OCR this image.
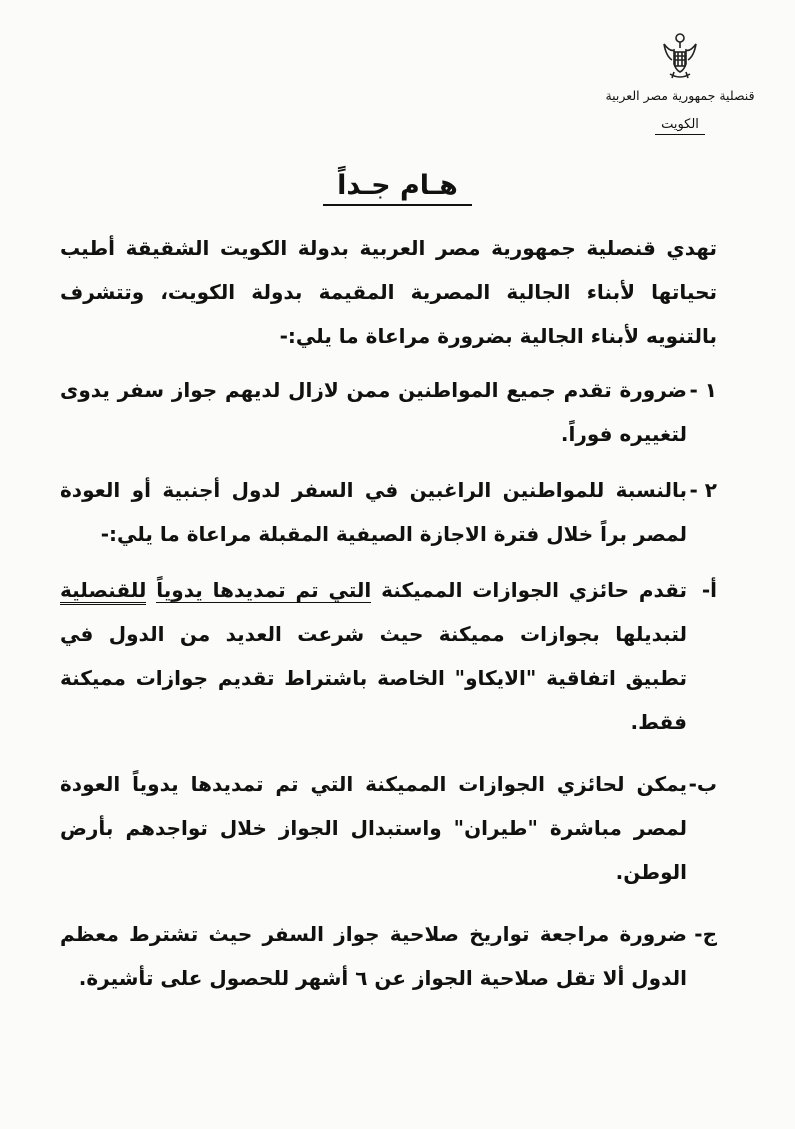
قنصلية جمهورية مصر العربية
الكويت
هـام جـداً

تهدي قنصلية جمهورية مصر العربية بدولة الكويت الشقيقة أطيب تحياتها لأبناء الجالية المصرية المقيمة بدولة الكويت، وتتشرف بالتنويه لأبناء الجالية بضرورة مراعاة ما يلي:-

١ -
ضرورة تقدم جميع المواطنين ممن لازال لديهم جواز سفر يدوى لتغييره فوراً.
٢ -
بالنسبة للمواطنين الراغبين في السفر لدول أجنبية أو العودة لمصر براً خلال فترة الاجازة الصيفية المقبلة مراعاة ما يلي:-
أ-
تقدم حائزي الجوازات المميكنة التي تم تمديدها يدوياً للقنصلية لتبديلها بجوازات مميكنة حيث شرعت العديد من الدول في تطبيق اتفاقية "الايكاو" الخاصة باشتراط تقديم جوازات مميكنة فقط.
ب-
يمكن لحائزي الجوازات المميكنة التي تم تمديدها يدوياً العودة لمصر مباشرة "طيران" واستبدال الجواز خلال تواجدهم بأرض الوطن.
ج-
ضرورة مراجعة تواريخ صلاحية جواز السفر حيث تشترط معظم الدول ألا تقل صلاحية الجواز عن ٦ أشهر للحصول على تأشيرة.
